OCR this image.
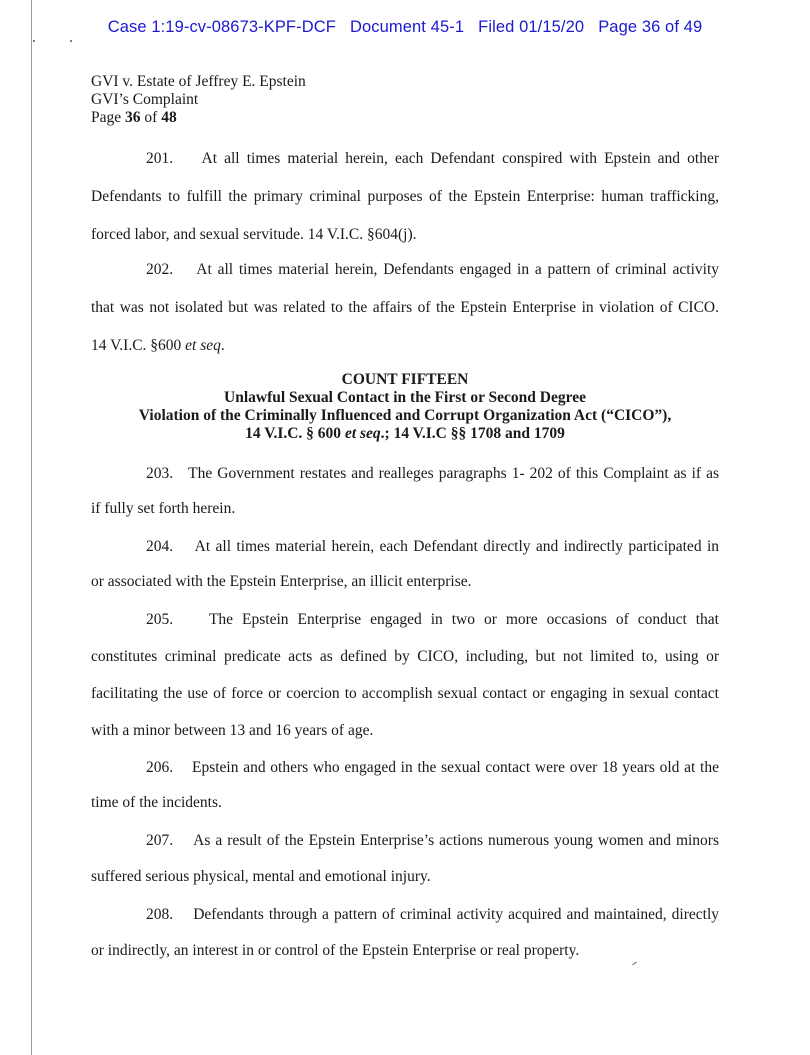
Case 1:19-cv-08673-KPF-DCF Document 45-1 Filed 01/15/20 Page 36 of 49
GVI v. Estate of Jeffrey E. Epstein
GVI’s Complaint
Page 36 of 48
201. At all times material herein, each Defendant conspired with Epstein and other
Defendants to fulfill the primary criminal purposes of the Epstein Enterprise: human trafficking,
forced labor, and sexual servitude. 14 V.I.C. §604(j).
202. At all times material herein, Defendants engaged in a pattern of criminal activity
that was not isolated but was related to the affairs of the Epstein Enterprise in violation of CICO.
14 V.I.C. §600 et seq.
COUNT FIFTEEN
Unlawful Sexual Contact in the First or Second Degree
Violation of the Criminally Influenced and Corrupt Organization Act (“CICO”),
14 V.I.C. § 600 et seq.; 14 V.I.C §§ 1708 and 1709
203. The Government restates and realleges paragraphs 1- 202 of this Complaint as if as
if fully set forth herein.
204. At all times material herein, each Defendant directly and indirectly participated in
or associated with the Epstein Enterprise, an illicit enterprise.
205. The Epstein Enterprise engaged in two or more occasions of conduct that
constitutes criminal predicate acts as defined by CICO, including, but not limited to, using or
facilitating the use of force or coercion to accomplish sexual contact or engaging in sexual contact
with a minor between 13 and 16 years of age.
206. Epstein and others who engaged in the sexual contact were over 18 years old at the
time of the incidents.
207. As a result of the Epstein Enterprise’s actions numerous young women and minors
suffered serious physical, mental and emotional injury.
208. Defendants through a pattern of criminal activity acquired and maintained, directly
or indirectly, an interest in or control of the Epstein Enterprise or real property.
